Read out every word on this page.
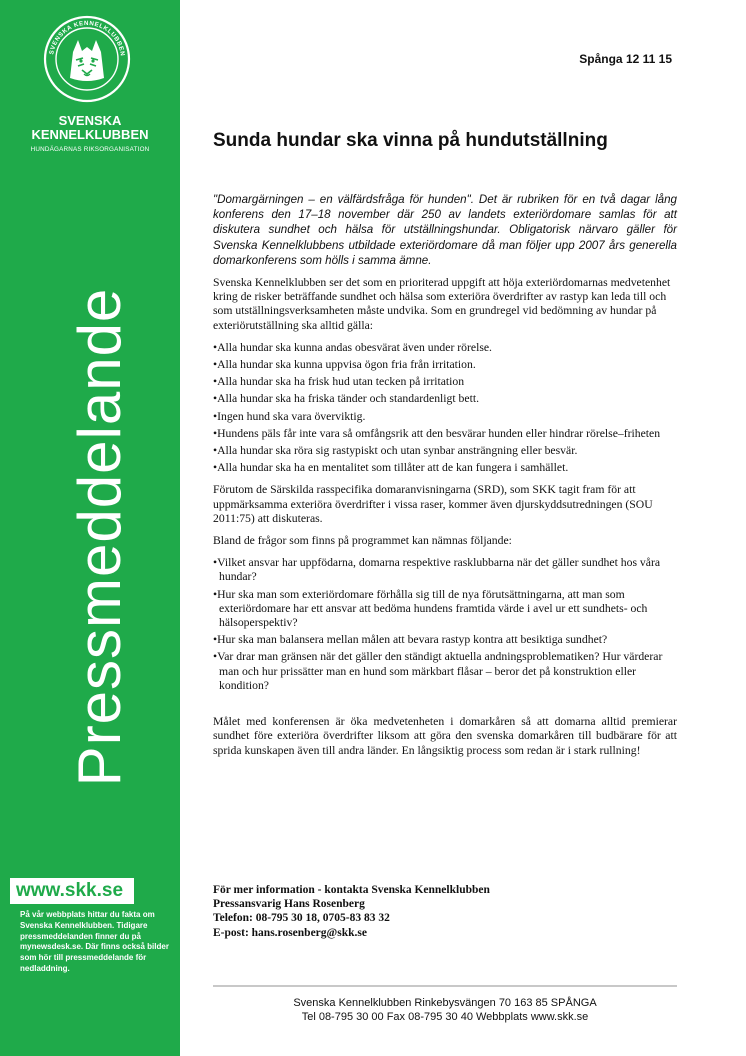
SVENSKA KENNELKLUBBEN
SVENSKA
KENNELKLUBBEN
HUNDÄGARNAS RIKSORGANISATION
Pressmeddelande
www.skk.se
På vår webbplats hittar du fakta om Svenska Kennelklubben. Tidigare pressmeddelanden finner du på mynewsdesk.se. Där finns också bilder som hör till pressmeddelande för nedladdning.
Spånga 12 11 15
Sunda hundar ska vinna på hundutställning

"Domargärningen – en välfärdsfråga för hunden". Det är rubriken för en två dagar lång konferens den 17–18 november där 250 av landets exteriördomare samlas för att diskutera sundhet och hälsa för utställningshundar. Obligatorisk närvaro gäller för Svenska Kennelklubbens utbildade exteriördomare då man följer upp 2007 års generella domarkonferens som hölls i samma ämne.

Svenska Kennelklubben ser det som en prioriterad uppgift att höja exteriördomarnas medvetenhet kring de risker beträffande sundhet och hälsa som exteriöra överdrifter av rastyp kan leda till och som utställningsverksamheten måste undvika. Som en grundregel vid bedömning av hundar på exteriörutställning ska alltid gälla:

• Alla hundar ska kunna andas obesvärat även under rörelse.
• Alla hundar ska kunna uppvisa ögon fria från irritation.
• Alla hundar ska ha frisk hud utan tecken på irritation
• Alla hundar ska ha friska tänder och standardenligt bett.
• Ingen hund ska vara överviktig.
• Hundens päls får inte vara så omfångsrik att den besvärar hunden eller hindrar rörelse–friheten
• Alla hundar ska röra sig rastypiskt och utan synbar ansträngning eller besvär.
• Alla hundar ska ha en mentalitet som tillåter att de kan fungera i samhället.

Förutom de Särskilda rasspecifika domaranvisningarna (SRD), som SKK tagit fram för att uppmärksamma exteriöra överdrifter i vissa raser, kommer även djurskyddsutredningen (SOU 2011:75) att diskuteras.

Bland de frågor som finns på programmet kan nämnas följande:

• Vilket ansvar har uppfödarna, domarna respektive rasklubbarna när det gäller sundhet hos våra hundar?
• Hur ska man som exteriördomare förhålla sig till de nya förutsättningarna, att man som exteriördomare har ett ansvar att bedöma hundens framtida värde i avel ur ett sundhets- och hälsoperspektiv?
• Hur ska man balansera mellan målen att bevara rastyp kontra att besiktiga sundhet?
• Var drar man gränsen när det gäller den ständigt aktuella andningsproblematiken? Hur värderar man och hur prissätter man en hund som märkbart flåsar – beror det på konstruktion eller kondition?

Målet med konferensen är öka medvetenheten i domarkåren så att domarna alltid premierar sundhet före exteriöra överdrifter liksom att göra den svenska domarkåren till budbärare för att sprida kunskapen även till andra länder. En långsiktig process som redan är i stark rullning!

För mer information - kontakta Svenska Kennelklubben
Pressansvarig Hans Rosenberg
Telefon: 08-795 30 18, 0705-83 83 32
E-post: hans.rosenberg@skk.se
Svenska Kennelklubben Rinkebysvängen 70 163 85 SPÅNGA
Tel 08-795 30 00 Fax 08-795 30 40 Webbplats www.skk.se
